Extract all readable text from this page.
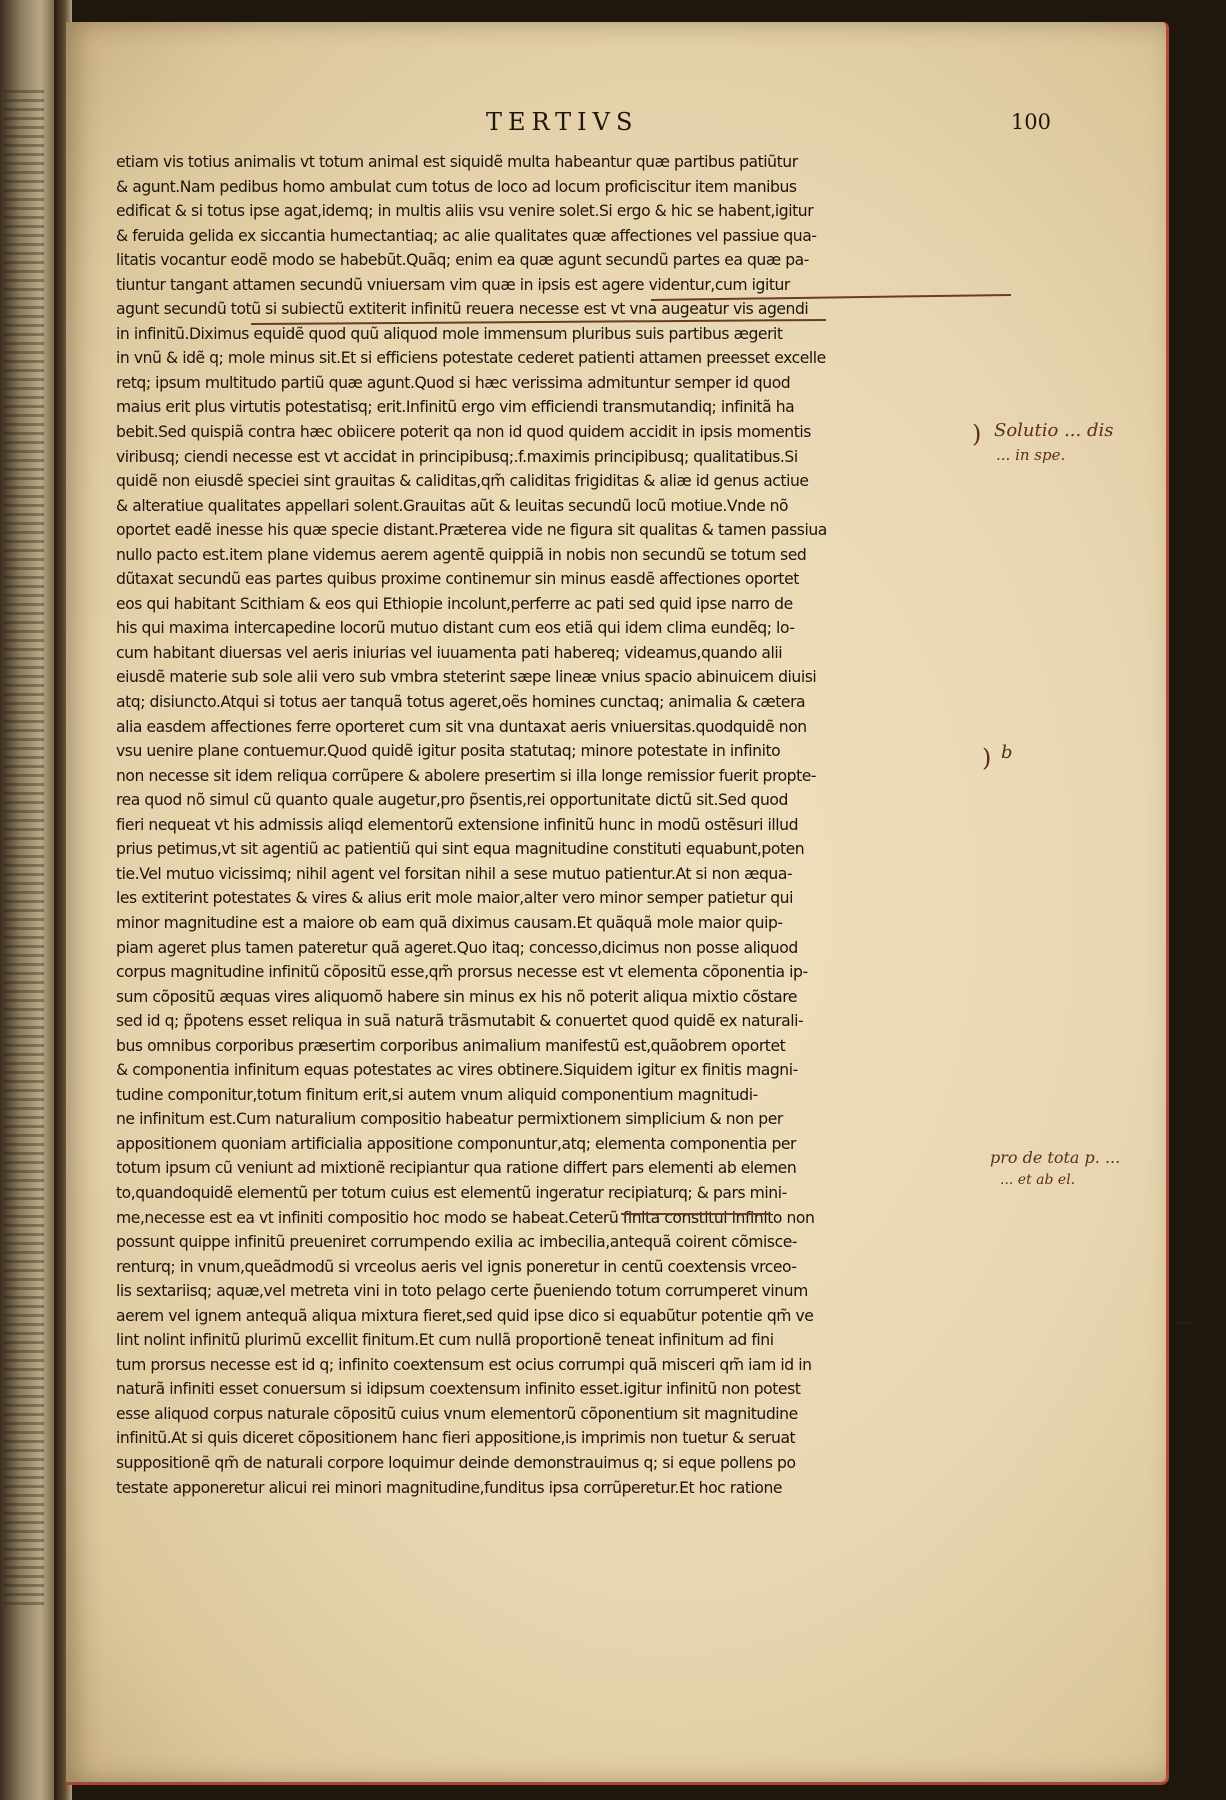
TERTIVS	100
etiam vis totius animalis vt totum animal est siquidẽ multa habeantur quæ partibus patiũtur
& agunt.Nam pedibus homo ambulat cum totus de loco ad locum proficiscitur item manibus
edificat & si totus ipse agat,idemq; in multis aliis vsu venire solet.Si ergo & hic se habent,igitur
& feruida gelida ex siccantia humectantiaq; ac alie qualitates quæ affectiones vel passiue qua-
litatis vocantur eodẽ modo se habebũt.Quãq; enim ea quæ agunt secundũ partes ea quæ pa-
tiuntur tangant attamen secundũ vniuersam vim quæ in ipsis est agere videntur,cum igitur
agunt secundũ totũ si subiectũ extiterit infinitũ reuera necesse est vt vna augeatur vis agendi
in infinitũ.Diximus equidẽ quod quũ aliquod mole immensum pluribus suis partibus ægerit
in vnũ & idẽ q; mole minus sit.Et si efficiens potestate cederet patienti attamen preesset excelle
retq; ipsum multitudo partiũ quæ agunt.Quod si hæc verissima admituntur semper id quod
maius erit plus virtutis potestatisq; erit.Infinitũ ergo vim efficiendi transmutandiq; infinitã ha
bebit.Sed quispiã contra hæc obiicere poterit qa non id quod quidem accidit in ipsis momentis
viribusq; ciendi necesse est vt accidat in principibusq;.f.maximis principibusq; qualitatibus.Si
quidẽ non eiusdẽ speciei sint grauitas & caliditas,qm̃ caliditas frigiditas & aliæ id genus actiue
& alteratiue qualitates appellari solent.Grauitas aũt & leuitas secundũ locũ motiue.Vnde nõ
oportet eadẽ inesse his quæ specie distant.Præterea vide ne figura sit qualitas & tamen passiua
nullo pacto est.item plane videmus aerem agentẽ quippiã in nobis non secundũ se totum sed
dũtaxat secundũ eas partes quibus proxime continemur sin minus easdẽ affectiones oportet
eos qui habitant Scithiam & eos qui Ethiopie incolunt,perferre ac pati sed quid ipse narro de
his qui maxima intercapedine locorũ mutuo distant cum eos etiã qui idem clima eundẽq; lo-
cum habitant diuersas vel aeris iniurias vel iuuamenta pati habereq; videamus,quando alii
eiusdẽ materie sub sole alii vero sub vmbra steterint sæpe lineæ vnius spacio abinuicem diuisi
atq; disiuncto.Atqui si totus aer tanquã totus ageret,oẽs homines cunctaq; animalia & cætera
alia easdem affectiones ferre oporteret cum sit vna duntaxat aeris vniuersitas.quodquidẽ non
vsu uenire plane contuemur.Quod quidẽ igitur posita statutaq; minore potestate in infinito
non necesse sit idem reliqua corrũpere & abolere presertim si illa longe remissior fuerit propte-
rea quod nõ simul cũ quanto quale augetur,pro p̃sentis,rei opportunitate dictũ sit.Sed quod
fieri nequeat vt his admissis aliqd elementorũ extensione infinitũ hunc in modũ ostẽsuri illud
prius petimus,vt sit agentiũ ac patientiũ qui sint equa magnitudine constituti equabunt,poten
tie.Vel mutuo vicissimq; nihil agent vel forsitan nihil a sese mutuo patientur.At si non æqua-
les extiterint potestates & vires & alius erit mole maior,alter vero minor semper patietur qui
minor magnitudine est a maiore ob eam quã diximus causam.Et quãquã mole maior quip-
piam ageret plus tamen pateretur quã ageret.Quo itaq; concesso,dicimus non posse aliquod
corpus magnitudine infinitũ cõpositũ esse,qm̃ prorsus necesse est vt elementa cõponentia ip-
sum cõpositũ æquas vires aliquomõ habere sin minus ex his nõ poterit aliqua mixtio cõstare
sed id q; p̃potens esset reliqua in suã naturã trãsmutabit & conuertet quod quidẽ ex naturali-
bus omnibus corporibus præsertim corporibus animalium manifestũ est,quãobrem oportet
& componentia infinitum equas potestates ac vires obtinere.Siquidem igitur ex finitis magni-
tudine componitur,totum finitum erit,si autem vnum aliquid componentium magnitudi-
ne infinitum est.Cum naturalium compositio habeatur permixtionem simplicium & non per
appositionem quoniam artificialia appositione componuntur,atq; elementa componentia per
totum ipsum cũ veniunt ad mixtionẽ recipiantur qua ratione differt pars elementi ab elemen
to,quandoquidẽ elementũ per totum cuius est elementũ ingeratur recipiaturq; & pars mini-
me,necesse est ea vt infiniti compositio hoc modo se habeat.Ceterũ finita constitui infinito non
possunt quippe infinitũ preueniret corrumpendo exilia ac imbecilia,antequã coirent cõmisce-
renturq; in vnum,queãdmodũ si vrceolus aeris vel ignis poneretur in centũ coextensis vrceo-
lis sextariisq; aquæ,vel metreta vini in toto pelago certe p̃ueniendo totum corrumperet vinum
aerem vel ignem antequã aliqua mixtura fieret,sed quid ipse dico si equabũtur potentie qm̃ ve
lint nolint infinitũ plurimũ excellit finitum.Et cum nullã proportionẽ teneat infinitum ad fini
tum prorsus necesse est id q; infinito coextensum est ocius corrumpi quã misceri qm̃ iam id in
naturã infiniti esset conuersum si idipsum coextensum infinito esset.igitur infinitũ non potest
esse aliquod corpus naturale cõpositũ cuius vnum elementorũ cõponentium sit magnitudine
infinitũ.At si quis diceret cõpositionem hanc fieri appositione,is imprimis non tuetur & seruat
suppositionẽ qm̃ de naturali corpore loquimur deinde demonstrauimus q; si eque pollens po
testate apponeretur alicui rei minori magnitudine,funditus ipsa corrũperetur.Et hoc ratione
)
)
Solutio ... dis
... in spe.
b
pro de tota p. ...
... et ab el.
—
